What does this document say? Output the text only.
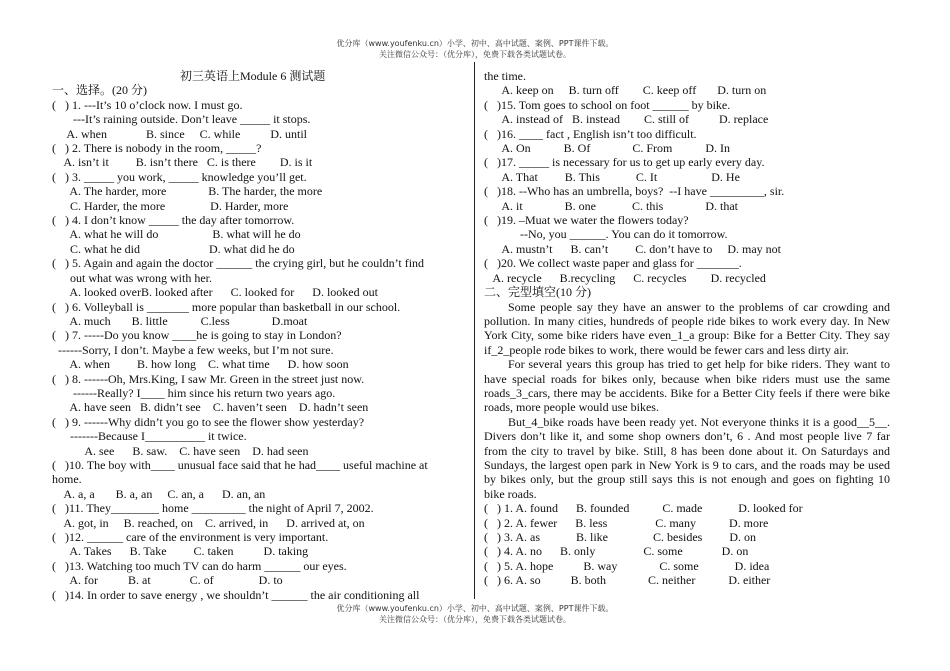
优分库（www.youfenku.cn）小学、初中、高中试题、案例、PPT课件下载。
关注微信公众号：（优分库），免费下载各类试题试卷。
初三英语上Module 6 测试题
一、选择。(20 分)
(   ) 1. ---It’s 10 o’clock now. I must go.
---It’s raining outside. Don’t leave _____ it stops.
A. when             B. since     C. while          D. until
(   ) 2. There is nobody in the room, _____?
A. isn’t it         B. isn’t there   C. is there        D. is it
(   ) 3. _____ you work, _____ knowledge you’ll get.
A. The harder, more              B. The harder, the more
C. Harder, the more               D. Harder, more
(   ) 4. I don’t know _____ the day after tomorrow.
A. what he will do                  B. what will he do
C. what he did                       D. what did he do
(   ) 5. Again and again the doctor ______ the crying girl, but he couldn’t find
out what was wrong with her.
A. looked overB. looked after      C. looked for      D. looked out
(   ) 6. Volleyball is _______ more popular than basketball in our school.
A. much       B. little           C.less              D.moat
(   ) 7. -----Do you know ____he is going to stay in London?
------Sorry, I don’t. Maybe a few weeks, but I’m not sure.
A. when         B. how long    C. what time      D. how soon
(   ) 8. ------Oh, Mrs.King, I saw Mr. Green in the street just now.
------Really? I____ him since his return two years ago.
A. have seen   B. didn’t see    C. haven’t seen    D. hadn’t seen
(   ) 9. ------Why didn’t you go to see the flower show yesterday?
-------Because I__________ it twice.
A. see      B. saw.    C. have seen    D. had seen
(   )10. The boy with____ unusual face said that he had____ useful machine at
home.
A. a, a       B. a, an     C. an, a      D. an, an
(   )11. They________ home _________ the night of April 7, 2002.
A. got, in     B. reached, on    C. arrived, in      D. arrived at, on
(   )12. ______ care of the environment is very important.
A. Takes      B. Take         C. taken          D. taking
(   )13. Watching too much TV can do harm ______ our eyes.
A. for          B. at             C. of               D. to
(   )14. In order to save energy , we shouldn’t ______ the air conditioning all
the time.
A. keep on     B. turn off        C. keep off       D. turn on
(   )15. Tom goes to school on foot ______ by bike.
A. instead of   B. instead        C. still of          D. replace
(   )16. ____ fact , English isn’t too difficult.
A. On           B. Of              C. From           D. In
(   )17. _____ is necessary for us to get up early every day.
A. That         B. This            C. It                  D. He
(   )18. --Who has an umbrella, boys?  --I have _________, sir.
A. it              B. one            C. this              D. that
(   )19. –Muat we water the flowers today?
--No, you ______. You can do it tomorrow.
A. mustn’t      B. can’t         C. don’t have to     D. may not
(   )20. We collect waste paper and glass for _______.
A. recycle      B.recycling      C. recycles        D. recycled
二、完型填空(10 分)
Some people say they have an answer to the problems of car crowding and pollution. In many cities, hundreds of people ride bikes to work every day. In New York City, some bike riders have even_1_a group: Bike for a Better City. They say if_2_people rode bikes to work, there would be fewer cars and less dirty air.
For several years this group has tried to get help for bike riders. They want to have special roads for bikes only, because when bike riders must use the same roads_3_cars, there may be accidents. Bike for a Better City feels if there were bike roads, more people would use bikes.
But_4_bike roads have been ready yet. Not everyone thinks it is a good__5__. Divers don’t like it, and some shop owners don’t, 6 . And most people live 7 far from the city to travel by bike. Still, 8 has been done about it. On Saturdays and Sundays, the largest open park in New York is 9 to cars, and the roads may be used by bikes only, but the group still says this is not enough and goes on fighting 10 bike roads.
(   ) 1. A. found      B. founded           C. made            D. looked for
(   ) 2. A. fewer      B. less                C. many           D. more
(   ) 3. A. as            B. like               C. besides         D. on
(   ) 4. A. no      B. only                C. some             D. on
(   ) 5. A. hope          B. way              C. some            D. idea
(   ) 6. A. so          B. both              C. neither           D. either
优分库（www.youfenku.cn）小学、初中、高中试题、案例、PPT课件下载。
关注微信公众号：（优分库），免费下载各类试题试卷。
